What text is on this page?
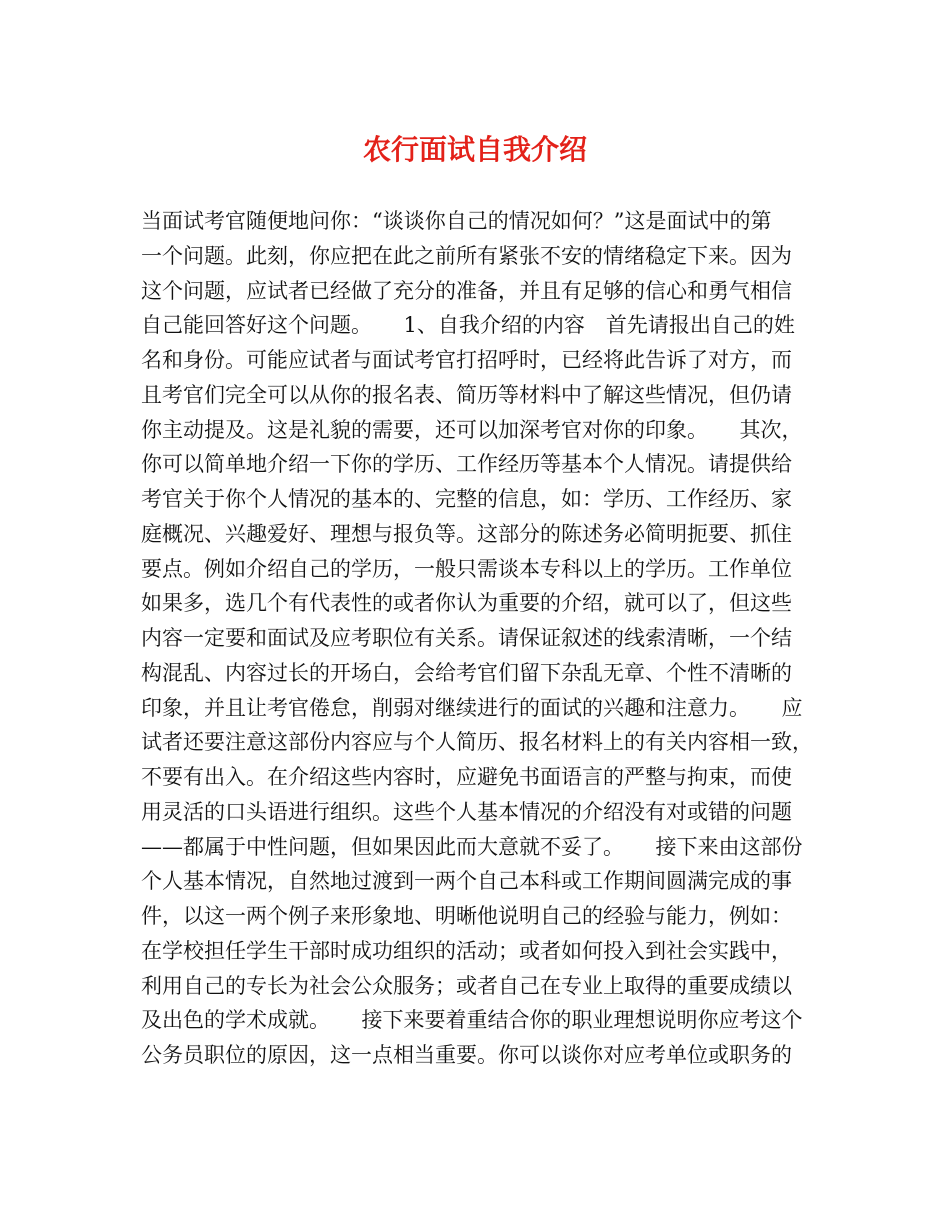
农行面试自我介绍
当面试考官随便地问你：“谈谈你自己的情况如何？”这是面试中的第
一个问题。此刻，你应把在此之前所有紧张不安的情绪稳定下来。因为
这个问题，应试者已经做了充分的准备，并且有足够的信心和勇气相信
自己能回答好这个问题。　　1、自我介绍的内容　首先请报出自己的姓
名和身份。可能应试者与面试考官打招呼时，已经将此告诉了对方，而
且考官们完全可以从你的报名表、简历等材料中了解这些情况，但仍请
你主动提及。这是礼貌的需要，还可以加深考官对你的印象。　　其次，
你可以简单地介绍一下你的学历、工作经历等基本个人情况。请提供给
考官关于你个人情况的基本的、完整的信息，如：学历、工作经历、家
庭概况、兴趣爱好、理想与报负等。这部分的陈述务必简明扼要、抓住
要点。例如介绍自己的学历，一般只需谈本专科以上的学历。工作单位
如果多，选几个有代表性的或者你认为重要的介绍，就可以了，但这些
内容一定要和面试及应考职位有关系。请保证叙述的线索清晰，一个结
构混乱、内容过长的开场白，会给考官们留下杂乱无章、个性不清晰的
印象，并且让考官倦怠，削弱对继续进行的面试的兴趣和注意力。　　应
试者还要注意这部份内容应与个人简历、报名材料上的有关内容相一致，
不要有出入。在介绍这些内容时，应避免书面语言的严整与拘束，而使
用灵活的口头语进行组织。这些个人基本情况的介绍没有对或错的问题
——都属于中性问题，但如果因此而大意就不妥了。　　接下来由这部份
个人基本情况，自然地过渡到一两个自己本科或工作期间圆满完成的事
件，以这一两个例子来形象地、明晰他说明自己的经验与能力，例如：
在学校担任学生干部时成功组织的活动；或者如何投入到社会实践中，
利用自己的专长为社会公众服务；或者自己在专业上取得的重要成绩以
及出色的学术成就。　　接下来要着重结合你的职业理想说明你应考这个
公务员职位的原因，这一点相当重要。你可以谈你对应考单位或职务的
